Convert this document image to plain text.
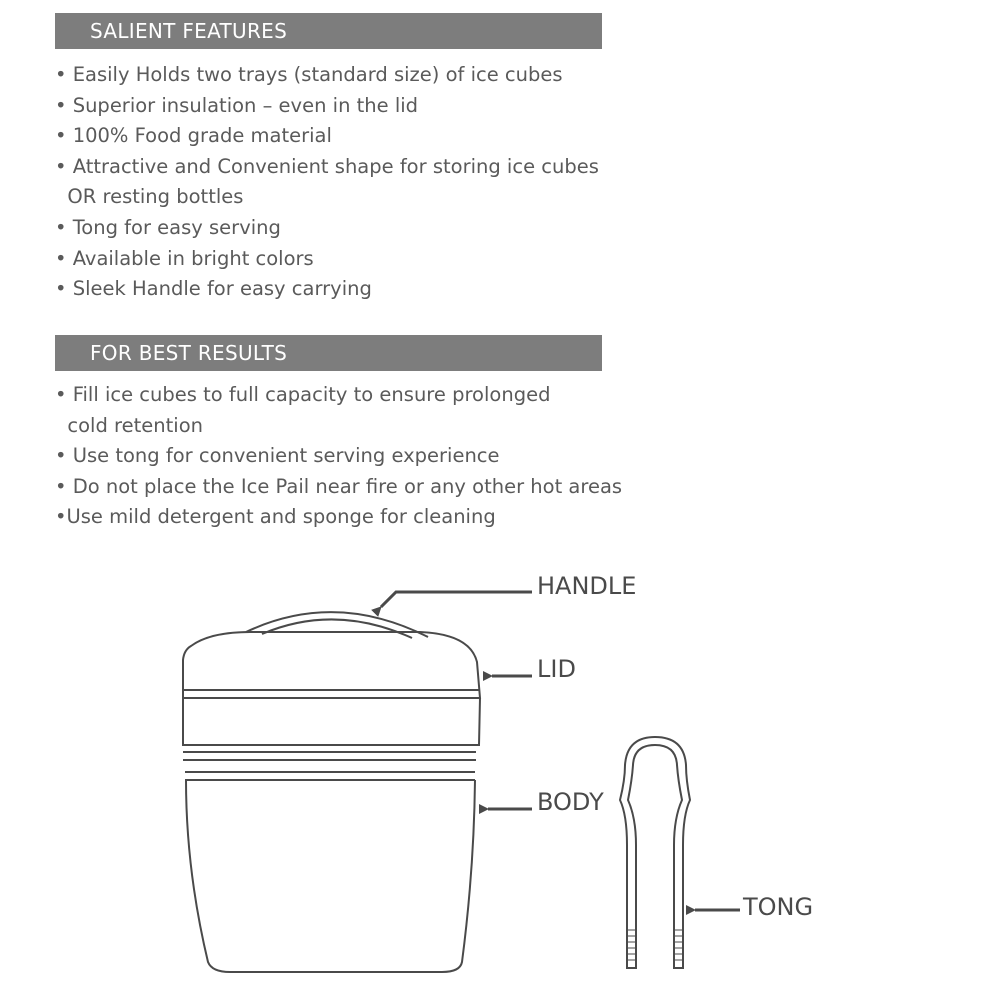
SALIENT FEATURES
• Easily Holds two trays (standard size) of ice cubes
• Superior insulation – even in the lid
• 100% Food grade material
• Attractive and Convenient shape for storing ice cubes
OR resting bottles
• Tong for easy serving
• Available in bright colors
• Sleek Handle for easy carrying
FOR BEST RESULTS
• Fill ice cubes to full capacity to ensure prolonged
cold retention
• Use tong for convenient serving experience
• Do not place the Ice Pail near fire or any other hot areas
•Use mild detergent and sponge for cleaning
HANDLE
LID
BODY
TONG
